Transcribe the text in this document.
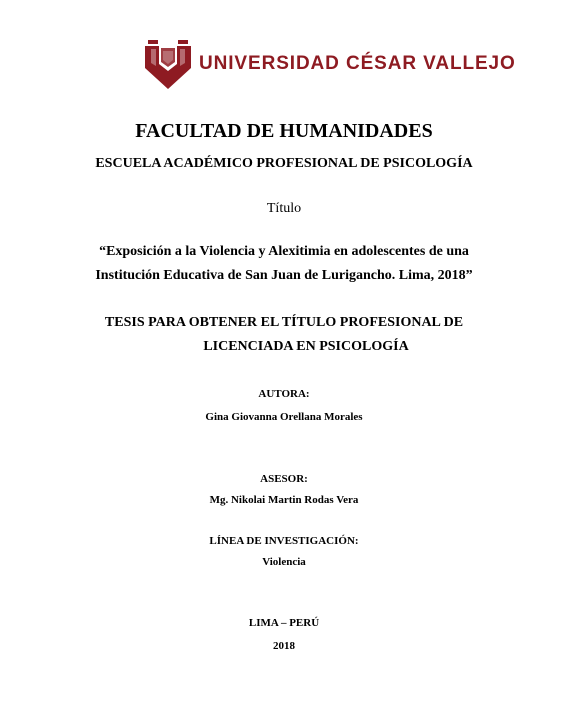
UNIVERSIDAD CÉSAR VALLEJO
FACULTAD DE HUMANIDADES
ESCUELA ACADÉMICO PROFESIONAL DE PSICOLOGÍA
Título
“Exposición a la Violencia y Alexitimia en adolescentes de una
Institución Educativa de San Juan de Lurigancho. Lima, 2018”
TESIS PARA OBTENER EL TÍTULO PROFESIONAL DE
LICENCIADA EN PSICOLOGÍA
AUTORA:
Gina Giovanna Orellana Morales
ASESOR:
Mg. Nikolai Martin Rodas Vera
LÍNEA DE INVESTIGACIÓN:
Violencia
LIMA – PERÚ
2018
